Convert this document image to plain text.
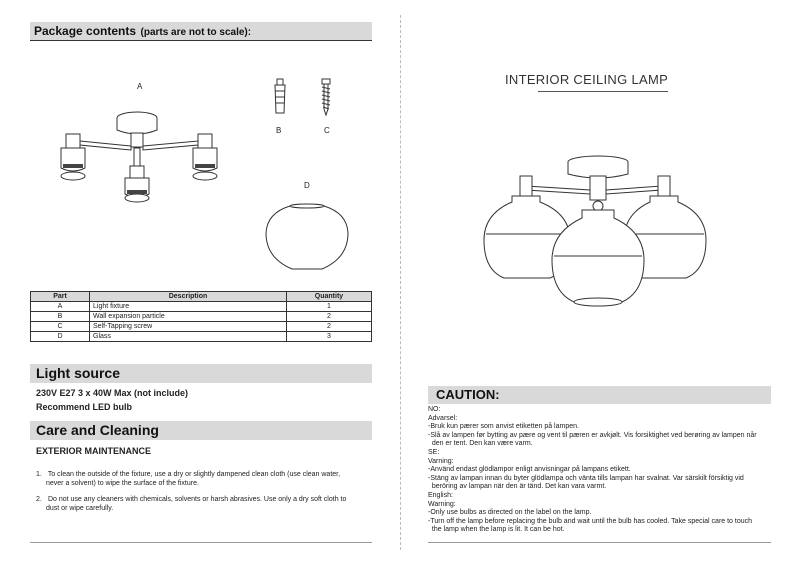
Package contents (parts are not to scale):
A
B	C
D
Part	Description	Quantity
A	Light fixture	1
B	Wall expansion particle	2
C	Self-Tapping screw	2
D	Glass	3
Light source
230V E27 3 x 40W Max (not include)
Recommend LED bulb
Care and Cleaning
EXTERIOR MAINTENANCE
1. To clean the outside of the fixture, use a dry or slightly dampened clean cloth (use clean water,
never a solvent) to wipe the surface of the fixture.
2. Do not use any cleaners with chemicals, solvents or harsh abrasives. Use only a dry soft cloth to
dust or wipe carefully.
INTERIOR CEILING LAMP
CAUTION:
NO:
Advarsel:
-Bruk kun pærer som anvist etiketten på lampen.
-Slå av lampen før bytting av pære og vent til pæren er avkjølt. Vis forsiktighet ved berøring av lampen når
den er tent. Den kan være varm.
SE:
Varning:
-Använd endast glödlampor enligt anvisningar på lampans etikett.
-Stäng av lampan innan du byter glödlampa och vänta tills lampan har svalnat. Var särskilt försiktig vid
beröring av lampan när den är tänd. Det kan vara varmt.
English:
Warning:
-Only use bulbs as directed on the label on the lamp.
-Turn off the lamp before replacing the bulb and wait until the bulb has cooled. Take special care to touch
the lamp when the lamp is lit. It can be hot.
